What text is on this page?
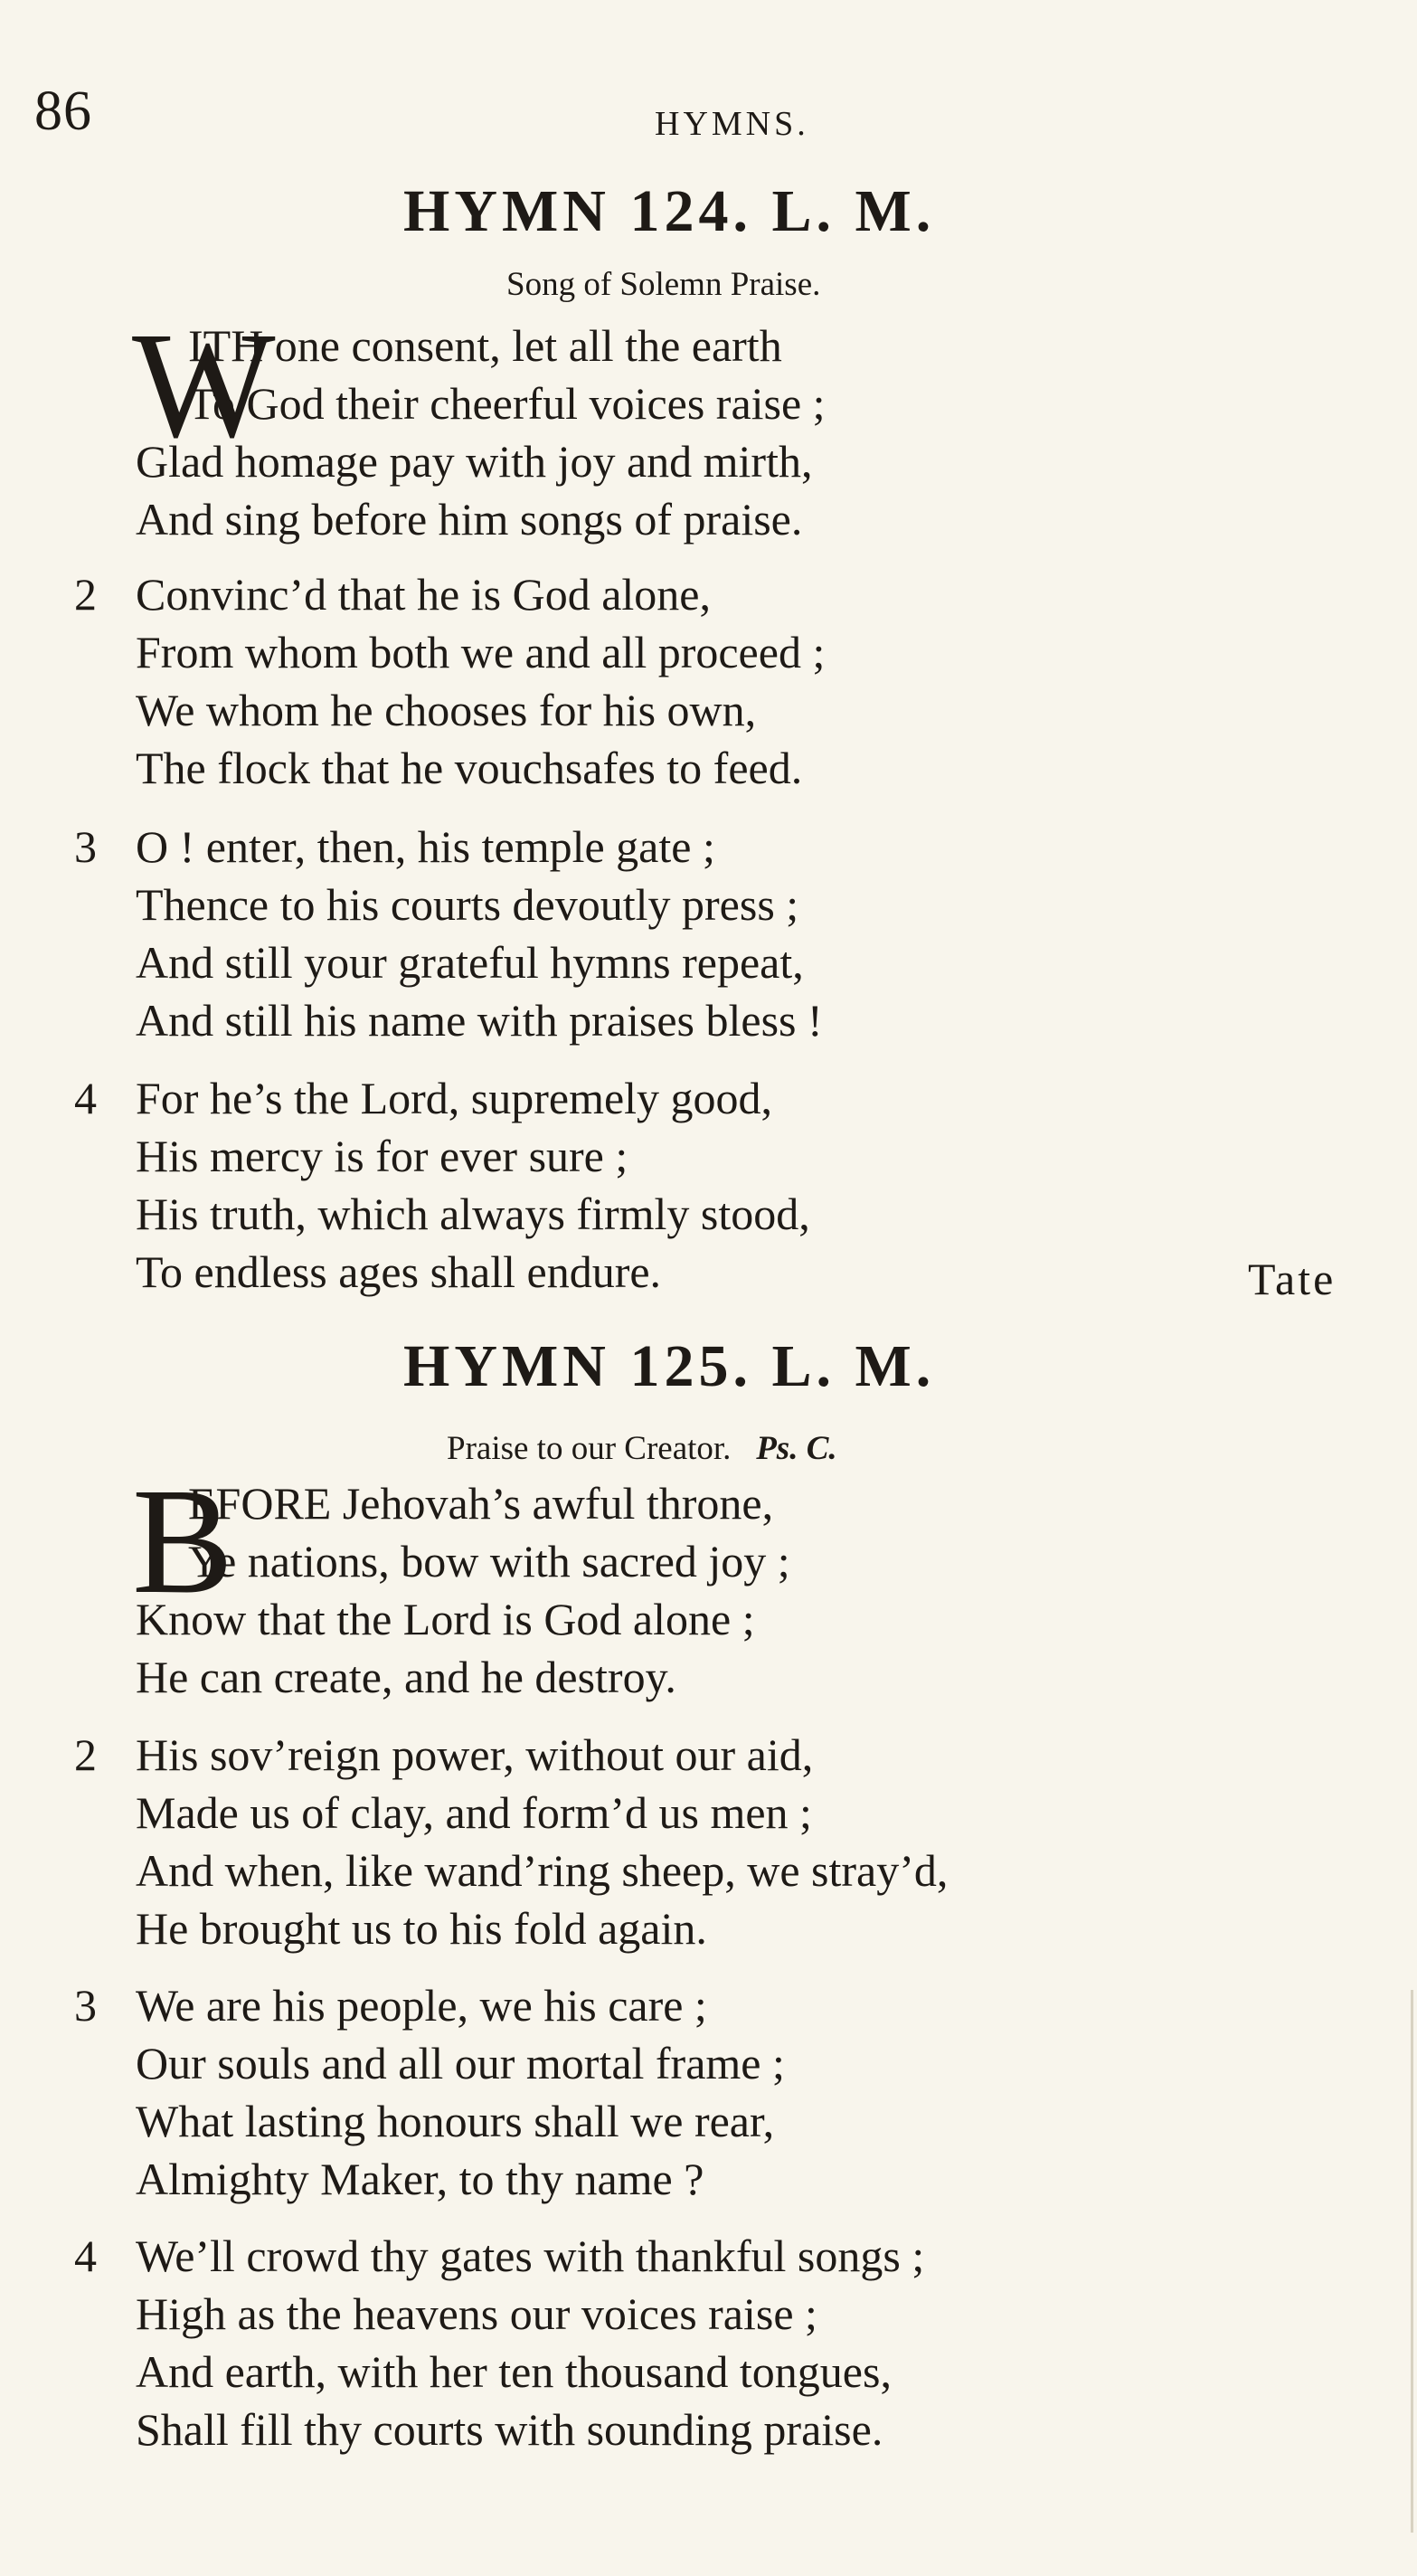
86	HYMNS.
HYMN 124. L. M.
Song of Solemn Praise.
W
ITH one consent, let all the earth
To God their cheerful voices raise ;
Glad homage pay with joy and mirth,
And sing before him songs of praise.
2 Convinc’d that he is God alone,
From whom both we and all proceed ;
We whom he chooses for his own,
The flock that he vouchsafes to feed.
3 O ! enter, then, his temple gate ;
Thence to his courts devoutly press ;
And still your grateful hymns repeat,
And still his name with praises bless !
4 For he’s the Lord, supremely good,
His mercy is for ever sure ;
His truth, which always firmly stood,
To endless ages shall endure.	Tate
HYMN 125. L. M.
Praise to our Creator. Ps. C.
B
EFORE Jehovah’s awful throne,
Ye nations, bow with sacred joy ;
Know that the Lord is God alone ;
He can create, and he destroy.
2 His sov’reign power, without our aid,
Made us of clay, and form’d us men ;
And when, like wand’ring sheep, we stray’d,
He brought us to his fold again.
3 We are his people, we his care ;
Our souls and all our mortal frame ;
What lasting honours shall we rear,
Almighty Maker, to thy name ?
4 We’ll crowd thy gates with thankful songs ;
High as the heavens our voices raise ;
And earth, with her ten thousand tongues,
Shall fill thy courts with sounding praise.
